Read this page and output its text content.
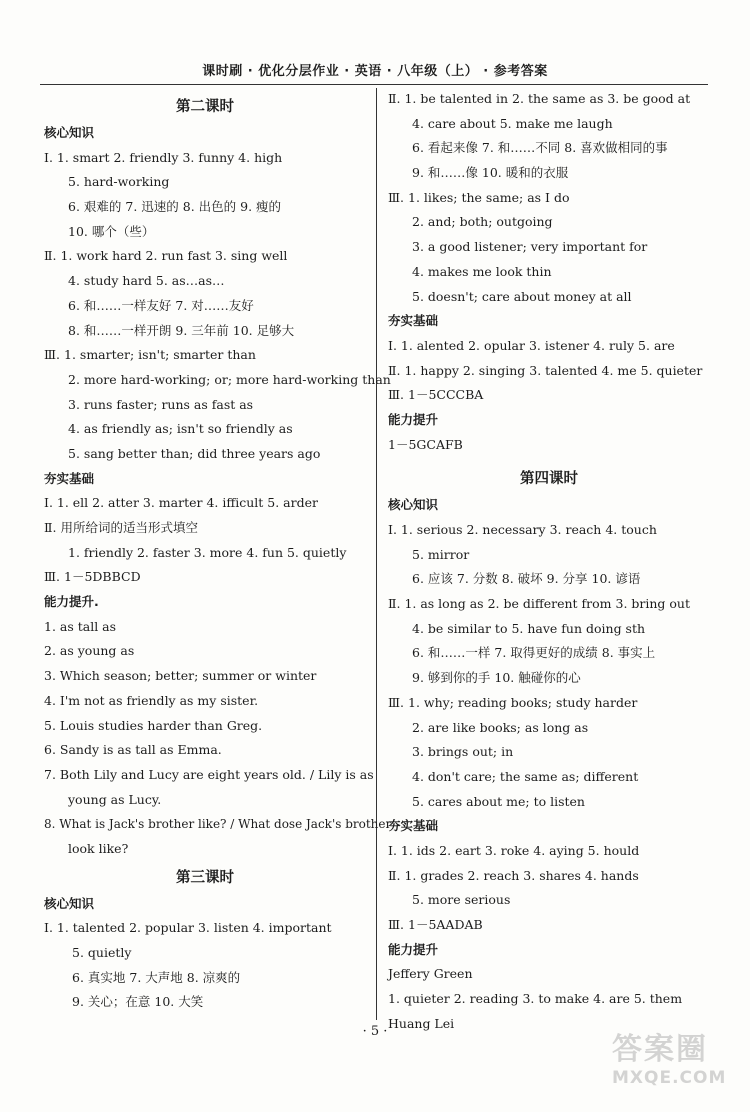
课时刷 · 优化分层作业 · 英语 · 八年级（上） · 参考答案
第二课时
核心知识
Ⅰ. 1. smart 2. friendly 3. funny 4. high
5. hard-working
6. 艰难的 7. 迅速的 8. 出色的 9. 瘦的
10. 哪个（些）
Ⅱ. 1. work hard 2. run fast 3. sing well
4. study hard 5. as…as…
6. 和……一样友好 7. 对……友好
8. 和……一样开朗 9. 三年前 10. 足够大
Ⅲ. 1. smarter; isn't; smarter than
2. more hard-working; or; more hard-working than
3. runs faster; runs as fast as
4. as friendly as; isn't so friendly as
5. sang better than; did three years ago
夯实基础
Ⅰ. 1. ell 2. atter 3. marter 4. ifficult 5. arder
Ⅱ. 用所给词的适当形式填空
1. friendly 2. faster 3. more 4. fun 5. quietly
Ⅲ. 1－5DBBCD
能力提升.
1. as tall as
2. as young as
3. Which season; better; summer or winter
4. I'm not as friendly as my sister.
5. Louis studies harder than Greg.
6. Sandy is as tall as Emma.
7. Both Lily and Lucy are eight years old. / Lily is as
young as Lucy.
8. What is Jack's brother like? / What dose Jack's brother
look like?
第三课时
核心知识
Ⅰ. 1. talented 2. popular 3. listen 4. important
5. quietly
6. 真实地 7. 大声地 8. 凉爽的
9. 关心；在意 10. 大笑
Ⅱ. 1. be talented in 2. the same as 3. be good at
4. care about 5. make me laugh
6. 看起来像 7. 和……不同 8. 喜欢做相同的事
9. 和……像 10. 暖和的衣服
Ⅲ. 1. likes; the same; as I do
2. and; both; outgoing
3. a good listener; very important for
4. makes me look thin
5. doesn't; care about money at all
夯实基础
Ⅰ. 1. alented 2. opular 3. istener 4. ruly 5. are
Ⅱ. 1. happy 2. singing 3. talented 4. me 5. quieter
Ⅲ. 1－5CCCBA
能力提升
1－5GCAFB
第四课时
核心知识
Ⅰ. 1. serious 2. necessary 3. reach 4. touch
5. mirror
6. 应该 7. 分数 8. 破坏 9. 分享 10. 谚语
Ⅱ. 1. as long as 2. be different from 3. bring out
4. be similar to 5. have fun doing sth
6. 和……一样 7. 取得更好的成绩 8. 事实上
9. 够到你的手 10. 触碰你的心
Ⅲ. 1. why; reading books; study harder
2. are like books; as long as
3. brings out; in
4. don't care; the same as; different
5. cares about me; to listen
夯实基础
Ⅰ. 1. ids 2. eart 3. roke 4. aying 5. hould
Ⅱ. 1. grades 2. reach 3. shares 4. hands
5. more serious
Ⅲ. 1－5AADAB
能力提升
Jeffery Green
1. quieter 2. reading 3. to make 4. are 5. them
Huang Lei
· 5 ·
答案圈
MXQE.COM
